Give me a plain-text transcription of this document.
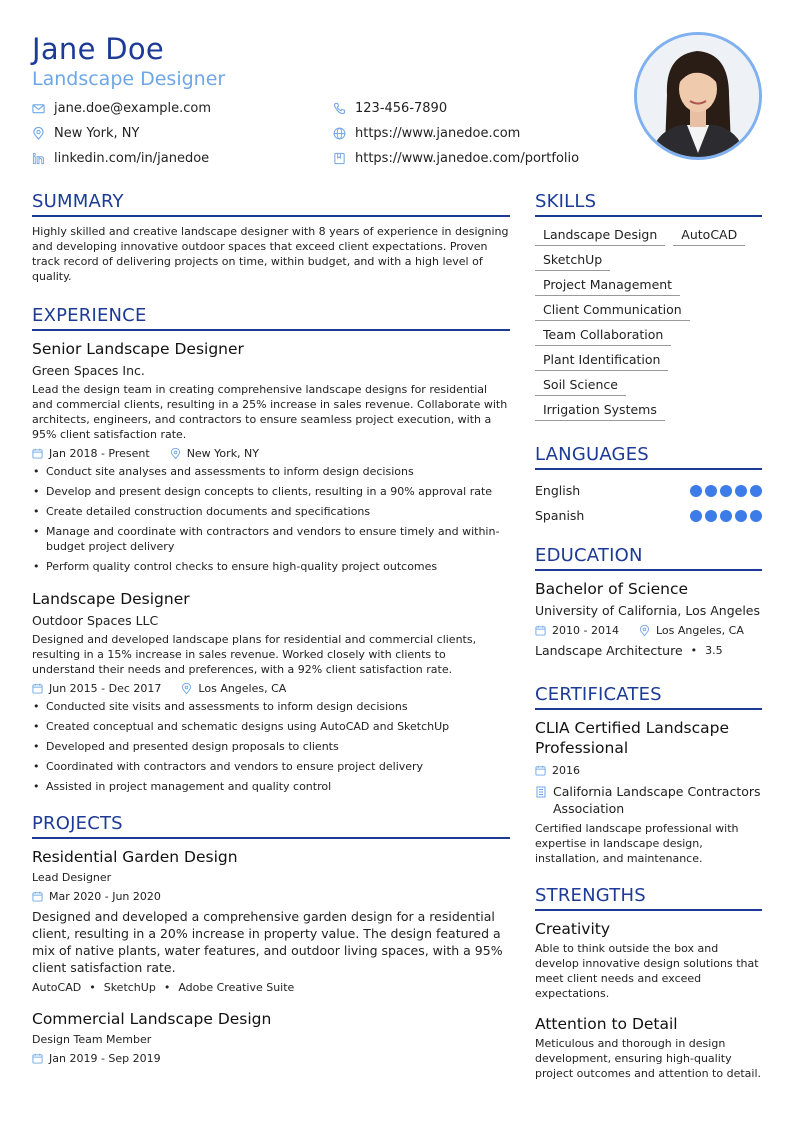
Jane Doe
Landscape Designer
jane.doe@example.com	123-456-7890
New York, NY	https://www.janedoe.com
linkedin.com/in/janedoe	https://www.janedoe.com/portfolio
SUMMARY
Highly skilled and creative landscape designer with 8 years of experience in designing and developing innovative outdoor spaces that exceed client expectations. Proven track record of delivering projects on time, within budget, and with a high level of quality.
EXPERIENCE
Senior Landscape Designer
Green Spaces Inc.
Lead the design team in creating comprehensive landscape designs for residential and commercial clients, resulting in a 25% increase in sales revenue. Collaborate with architects, engineers, and contractors to ensure seamless project execution, with a 95% client satisfaction rate.
Jan 2018 - Present	New York, NY
• Conduct site analyses and assessments to inform design decisions
• Develop and present design concepts to clients, resulting in a 90% approval rate
• Create detailed construction documents and specifications
• Manage and coordinate with contractors and vendors to ensure timely and within-budget project delivery
• Perform quality control checks to ensure high-quality project outcomes
Landscape Designer
Outdoor Spaces LLC
Designed and developed landscape plans for residential and commercial clients, resulting in a 15% increase in sales revenue. Worked closely with clients to understand their needs and preferences, with a 92% client satisfaction rate.
Jun 2015 - Dec 2017	Los Angeles, CA
• Conducted site visits and assessments to inform design decisions
• Created conceptual and schematic designs using AutoCAD and SketchUp
• Developed and presented design proposals to clients
• Coordinated with contractors and vendors to ensure project delivery
• Assisted in project management and quality control
PROJECTS
Residential Garden Design
Lead Designer
Mar 2020 - Jun 2020
Designed and developed a comprehensive garden design for a residential client, resulting in a 20% increase in property value. The design featured a mix of native plants, water features, and outdoor living spaces, with a 95% client satisfaction rate.
AutoCAD • SketchUp • Adobe Creative Suite
Commercial Landscape Design
Design Team Member
Jan 2019 - Sep 2019
SKILLS
Landscape Design	AutoCAD
SketchUp
Project Management
Client Communication
Team Collaboration
Plant Identification
Soil Science
Irrigation Systems
LANGUAGES
English
Spanish
EDUCATION
Bachelor of Science
University of California, Los Angeles
2010 - 2014	Los Angeles, CA
Landscape Architecture • 3.5
CERTIFICATES
CLIA Certified Landscape Professional
2016
California Landscape Contractors Association
Certified landscape professional with expertise in landscape design, installation, and maintenance.
STRENGTHS
Creativity
Able to think outside the box and develop innovative design solutions that meet client needs and exceed expectations.
Attention to Detail
Meticulous and thorough in design development, ensuring high-quality project outcomes and attention to detail.
